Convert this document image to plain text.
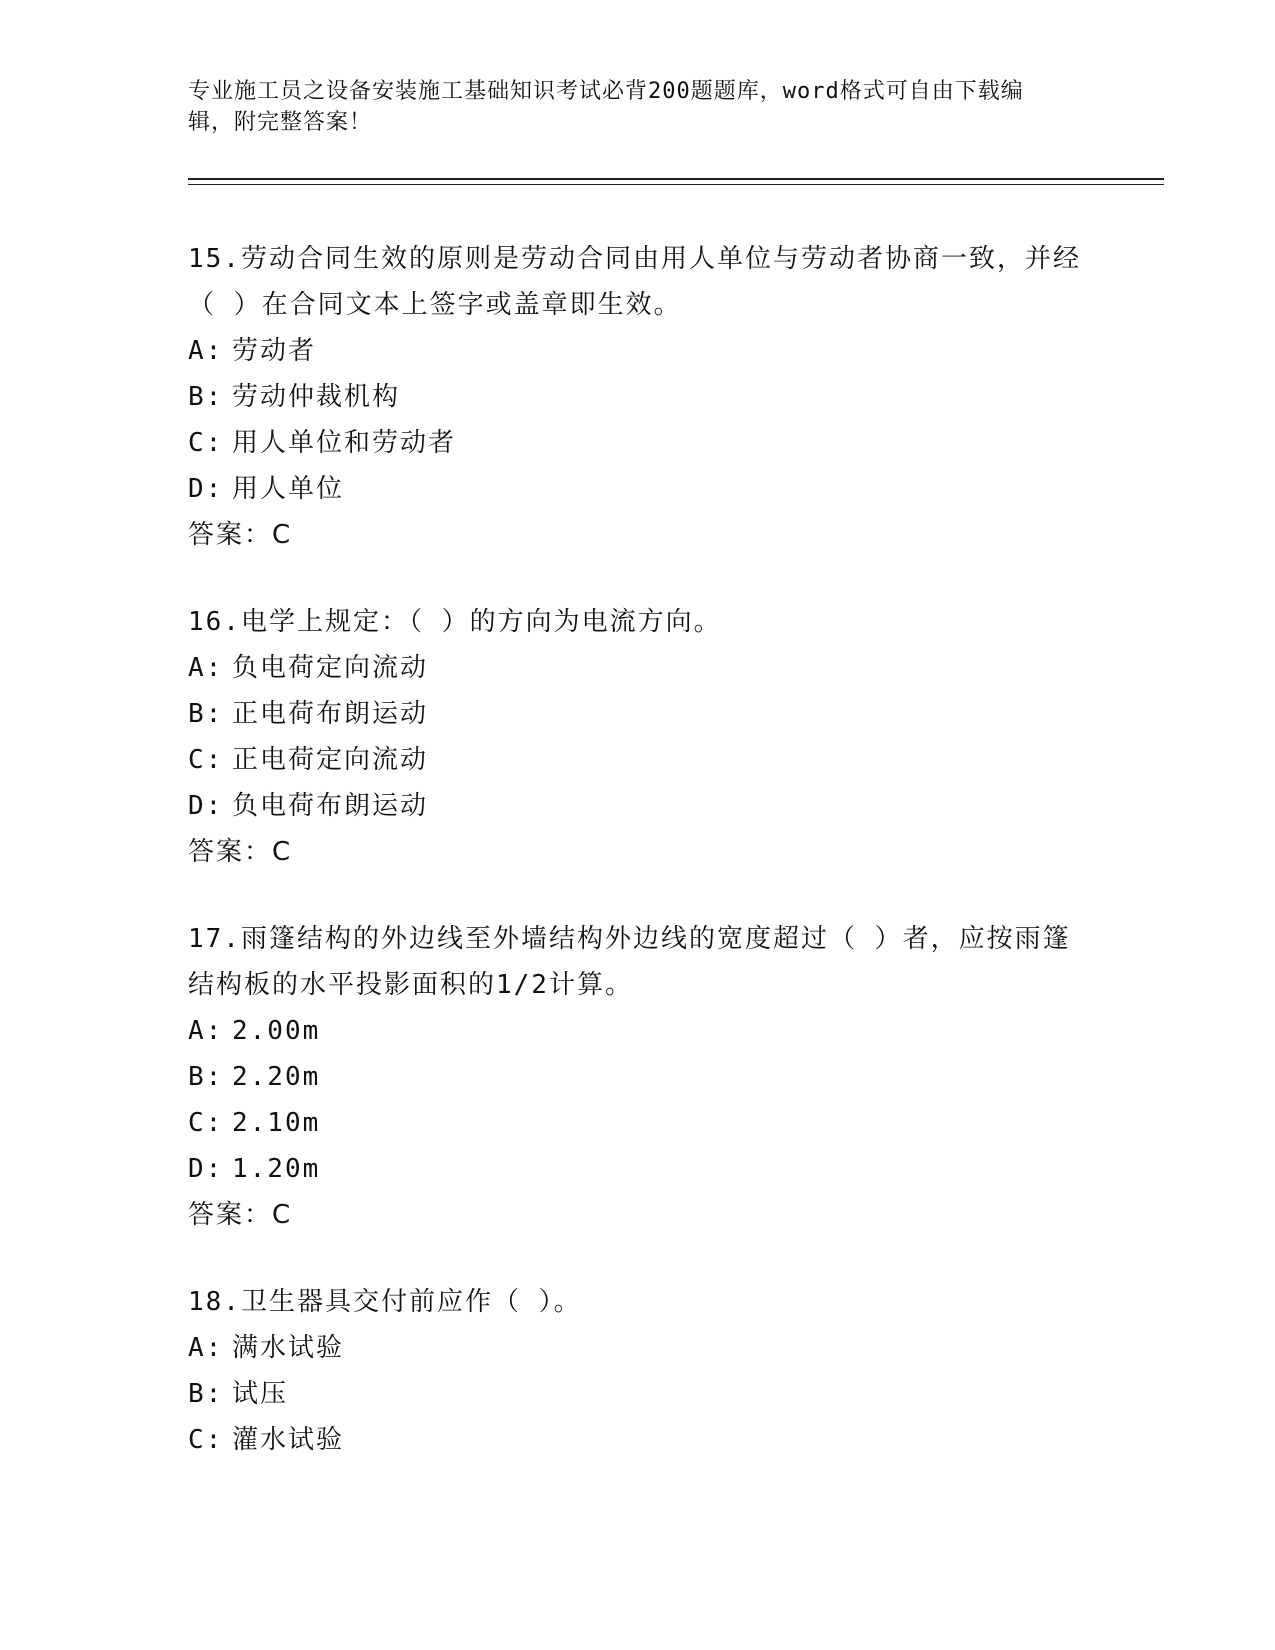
专业施工员之设备安装施工基础知识考试必背200题题库，word格式可自由下载编辑，附完整答案！

15.劳动合同生效的原则是劳动合同由用人单位与劳动者协商一致，并经（ ）在合同文本上签字或盖章即生效。

A: 劳动者

B: 劳动仲裁机构

C: 用人单位和劳动者

D: 用人单位

答案：C

16.电学上规定：（ ）的方向为电流方向。

A: 负电荷定向流动

B: 正电荷布朗运动

C: 正电荷定向流动

D: 负电荷布朗运动

答案：C

17.雨篷结构的外边线至外墙结构外边线的宽度超过（ ）者，应按雨篷结构板的水平投影面积的1/2计算。

A: 2.00m

B: 2.20m

C: 2.10m

D: 1.20m

答案：C

18.卫生器具交付前应作（ ）。

A: 满水试验

B: 试压

C: 灌水试验
